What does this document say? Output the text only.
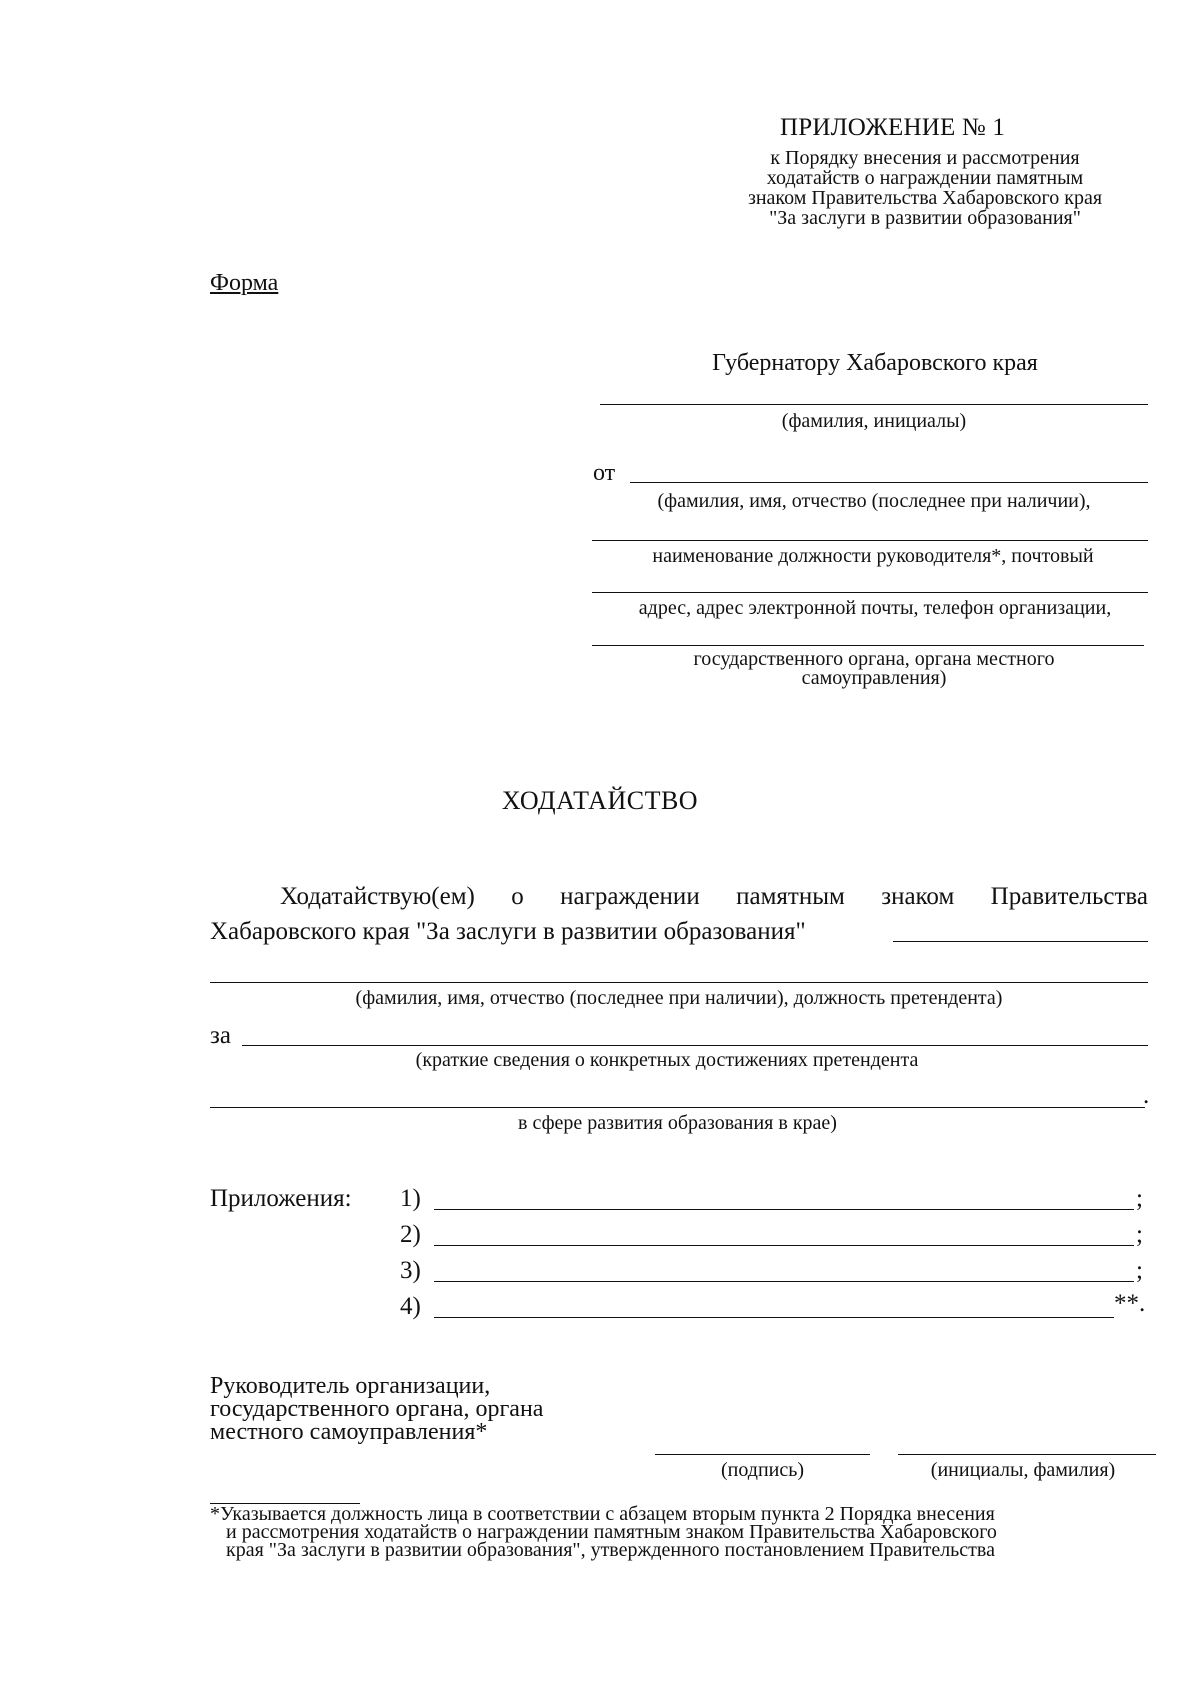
ПРИЛОЖЕНИЕ № 1
к Порядку внесения и рассмотрения
ходатайств о награждении памятным
знаком Правительства Хабаровского края
"За заслуги в развитии образования"
Форма
Губернатору Хабаровского края
(фамилия, инициалы)
от
(фамилия, имя, отчество (последнее при наличии),
наименование должности руководителя*, почтовый
адрес, адрес электронной почты, телефон организации,
государственного органа, органа местного
самоуправления)
ХОДАТАЙСТВО
Ходатайствую(ем) о награждении памятным знаком Правительства
Хабаровского края "За заслуги в развитии образования"
(фамилия, имя, отчество (последнее при наличии), должность претендента)
за
(краткие сведения о конкретных достижениях претендента
.
в сфере развития образования в крае)
Приложения: 1)	;
2)	;
3)	;
4)	**.
Руководитель организации,
государственного органа, органа
местного самоуправления*
(подпись)	(инициалы, фамилия)
*Указывается должность лица в соответствии с абзацем вторым пункта 2 Порядка внесения
и рассмотрения ходатайств о награждении памятным знаком Правительства Хабаровского
края "За заслуги в развитии образования", утвержденного постановлением Правительства
